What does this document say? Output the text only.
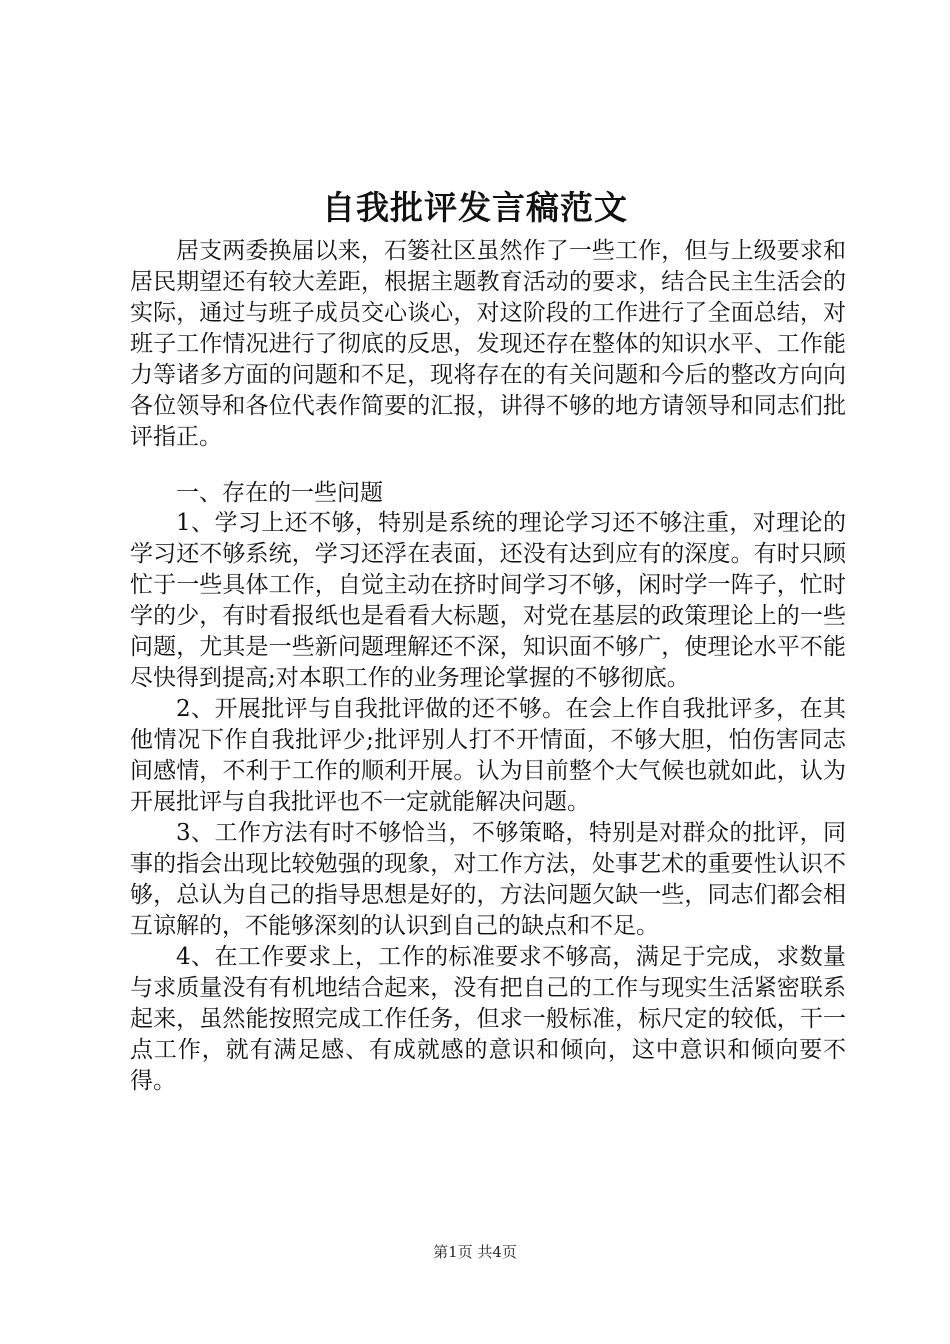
自我批评发言稿范文

居支两委换届以来，石篓社区虽然作了一些工作，但与上级要求和居民期望还有较大差距，根据主题教育活动的要求，结合民主生活会的实际，通过与班子成员交心谈心，对这阶段的工作进行了全面总结，对班子工作情况进行了彻底的反思，发现还存在整体的知识水平、工作能力等诸多方面的问题和不足，现将存在的有关问题和今后的整改方向向各位领导和各位代表作简要的汇报，讲得不够的地方请领导和同志们批评指正。

一、存在的一些问题

1、学习上还不够，特别是系统的理论学习还不够注重，对理论的学习还不够系统，学习还浮在表面，还没有达到应有的深度。有时只顾忙于一些具体工作，自觉主动在挤时间学习不够，闲时学一阵子，忙时学的少，有时看报纸也是看看大标题，对党在基层的政策理论上的一些问题，尤其是一些新问题理解还不深，知识面不够广，使理论水平不能尽快得到提高;对本职工作的业务理论掌握的不够彻底。

2、开展批评与自我批评做的还不够。在会上作自我批评多，在其他情况下作自我批评少;批评别人打不开情面，不够大胆，怕伤害同志间感情，不利于工作的顺利开展。认为目前整个大气候也就如此，认为开展批评与自我批评也不一定就能解决问题。

3、工作方法有时不够恰当，不够策略，特别是对群众的批评，同事的指会出现比较勉强的现象，对工作方法，处事艺术的重要性认识不够，总认为自己的指导思想是好的，方法问题欠缺一些，同志们都会相互谅解的，不能够深刻的认识到自己的缺点和不足。

4、在工作要求上，工作的标准要求不够高，满足于完成，求数量与求质量没有有机地结合起来，没有把自己的工作与现实生活紧密联系起来，虽然能按照完成工作任务，但求一般标准，标尺定的较低，干一点工作，就有满足感、有成就感的意识和倾向，这中意识和倾向要不得。

第1页 共4页
